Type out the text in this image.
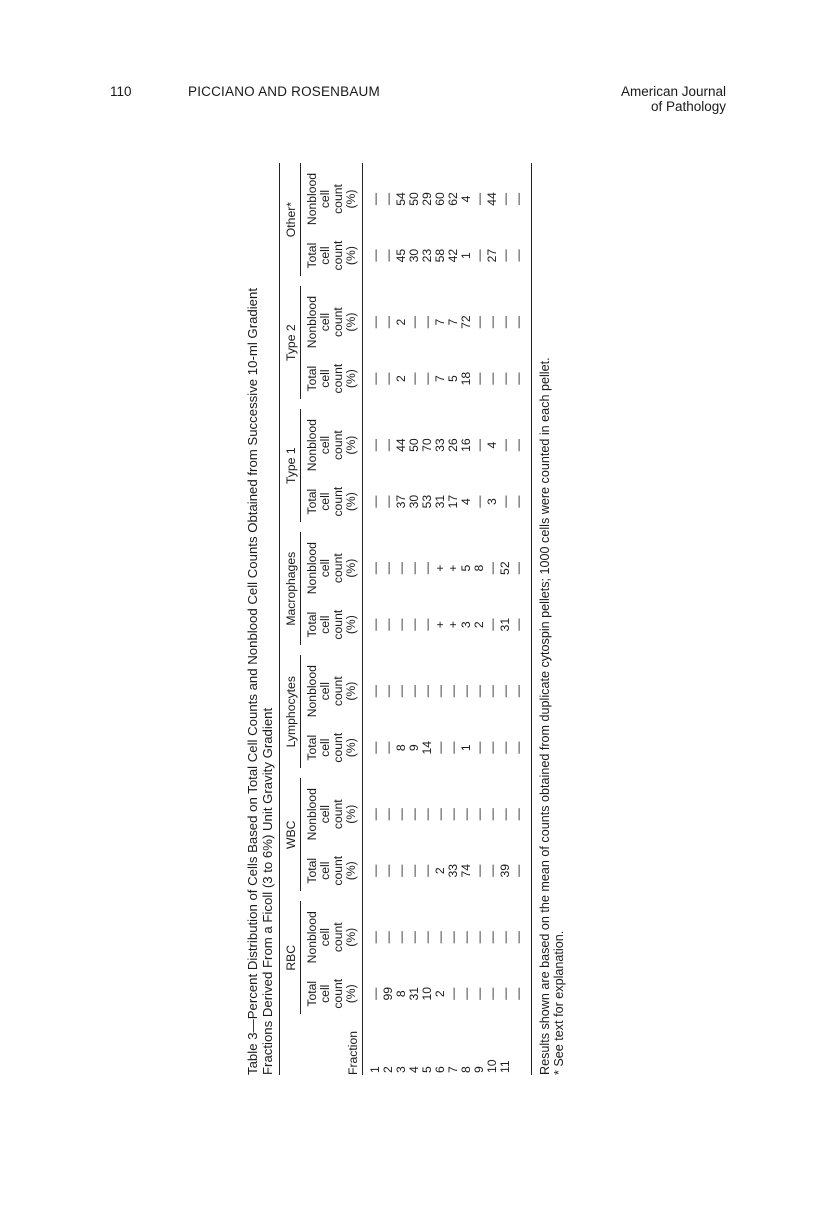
110	PICCIANO AND ROSENBAUM	American Journal
of Pathology
Table 3—Percent Distribution of Cells Based on Total Cell Counts and Nonblood Cell Counts Obtained from Successive 10-ml Gradient Fractions Derived From a Ficoll (3 to 6%) Unit Gravity Gradient	Fraction	RBC			WBC			Lymphocytes			Macrophages			Type 1			Type 2			Other*	

	Total cell count (%)	Nonblood cell count (%)		Total cell count (%)	Nonblood cell count (%)		Total cell count (%)	Nonblood cell count (%)		Total cell count (%)	Nonblood cell count (%)		Total cell count (%)	Nonblood cell count (%)		Total cell count (%)	Nonblood cell count (%)		Total cell count (%)	Nonblood cell count (%)

1	—	—		—	—		—	—		—	—		—	—		—	—		—	—
2	99	—		—	—		—	—		—	—		—	—		—	—		—	—
3	8	—		—	—		8	—		—	—		37	44		2	2		45	54
4	31	—		—	—		9	—		—	—		30	50		—	—		30	50
5	10	—		—	—		14	—		—	—		53	70		—	—		23	29
6	2	—		2	—		—	—		+	+		31	33		7	7		58	60
7	—	—		33	—		—	—		+	+		17	26		5	7		42	62
8	—	—		74	—		1	—		3	5		4	16		18	72		1	4
9	—	—		—	—		—	—		2	8		—	—		—	—		—	—
10	—	—		—	—		—	—		—	—		3	4		—	—		27	44
11	—	—		39	—		—	—		31	52		—	—		—	—		—	—
	—	—		—	—		—	—		—	—		—	—		—	—		—	—
Results shown are based on the mean of counts obtained from duplicate cytospin pellets; 1000 cells were counted in each pellet. * See text for explanation.
